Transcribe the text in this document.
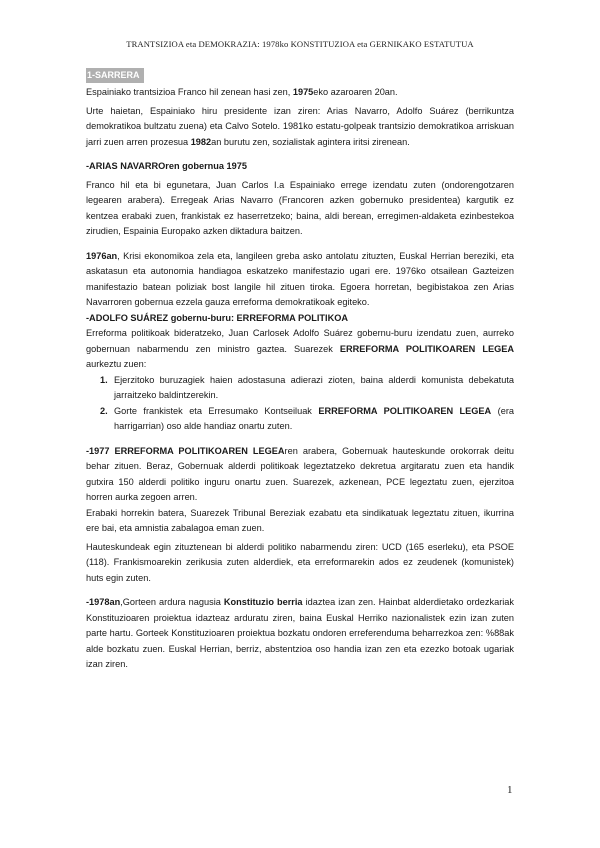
TRANTSIZIOA eta DEMOKRAZIA: 1978ko KONSTITUZIOA eta GERNIKAKO ESTATUTUA
1-SARRERA

Espainiako trantsizioa Franco hil zenean hasi zen, 1975eko azaroaren 20an.

Urte haietan, Espainiako hiru presidente izan ziren: Arias Navarro, Adolfo Suárez (berrikuntza demokratikoa bultzatu zuena) eta Calvo Sotelo. 1981ko estatu-golpeak trantsizio demokratikoa arriskuan jarri zuen arren prozesua 1982an burutu zen, sozialistak agintera iritsi zirenean.

-ARIAS NAVARROren gobernua 1975

Franco hil eta bi egunetara, Juan Carlos I.a Espainiako errege izendatu zuten (ondorengotzaren legearen arabera). Erregeak Arias Navarro (Francoren azken gobernuko presidentea) kargutik ez kentzea erabaki zuen, frankistak ez haserretzeko; baina, aldi berean, erregimen-aldaketa ezinbestekoa zirudien, Espainia Europako azken diktadura baitzen.

1976an, Krisi ekonomikoa zela eta, langileen greba asko antolatu zituzten, Euskal Herrian bereziki, eta askatasun eta autonomia handiagoa eskatzeko manifestazio ugari ere. 1976ko otsailean Gazteizen manifestazio batean poliziak bost langile hil zituen tiroka. Egoera horretan, begibistakoa zen Arias Navarroren gobernua ezzela gauza erreforma demokratikoak egiteko.

-ADOLFO SUÁREZ gobernu-buru: ERREFORMA POLITIKOA

Erreforma politikoak bideratzeko, Juan Carlosek Adolfo Suárez gobernu-buru izendatu zuen, aurreko gobernuan nabarmendu zen ministro gaztea. Suarezek ERREFORMA POLITIKOAREN LEGEA aurkeztu zuen:

1. Ejerzitoko buruzagiek haien adostasuna adierazi zioten, baina alderdi komunista debekatuta jarraitzeko baldintzerekin.
2. Gorte frankistek eta Erresumako Kontseiluak ERREFORMA POLITIKOAREN LEGEA (era harrigarrian) oso alde handiaz onartu zuten.

-1977 ERREFORMA POLITIKOAREN LEGEAren arabera, Gobernuak hauteskunde orokorrak deitu behar zituen. Beraz, Gobernuak alderdi politikoak legeztatzeko dekretua argitaratu zuen eta handik gutxira 150 alderdi politiko inguru onartu zuen. Suarezek, azkenean, PCE legeztatu zuen, ejerzitoa horren aurka zegoen arren.

Erabaki horrekin batera, Suarezek Tribunal Bereziak ezabatu eta sindikatuak legeztatu zituen, ikurrina ere bai, eta amnistia zabalagoa eman zuen.

Hauteskundeak egin zituztenean bi alderdi politiko nabarmendu ziren: UCD (165 eserleku), eta PSOE (118). Frankismoarekin zerikusia zuten alderdiek, eta erreformarekin ados ez zeudenek (komunistek) huts egin zuten.

-1978an,Gorteen ardura nagusia Konstituzio berria idaztea izan zen. Hainbat alderdietako ordezkariak Konstituzioaren proiektua idazteaz arduratu ziren, baina Euskal Herriko nazionalistek ezin izan zuten parte hartu. Gorteek Konstituzioaren proiektua bozkatu ondoren erreferenduma beharrezkoa zen: %88ak alde bozkatu zuen. Euskal Herrian, berriz, abstentzioa oso handia izan zen eta ezezko botoak ugariak izan ziren.

1
